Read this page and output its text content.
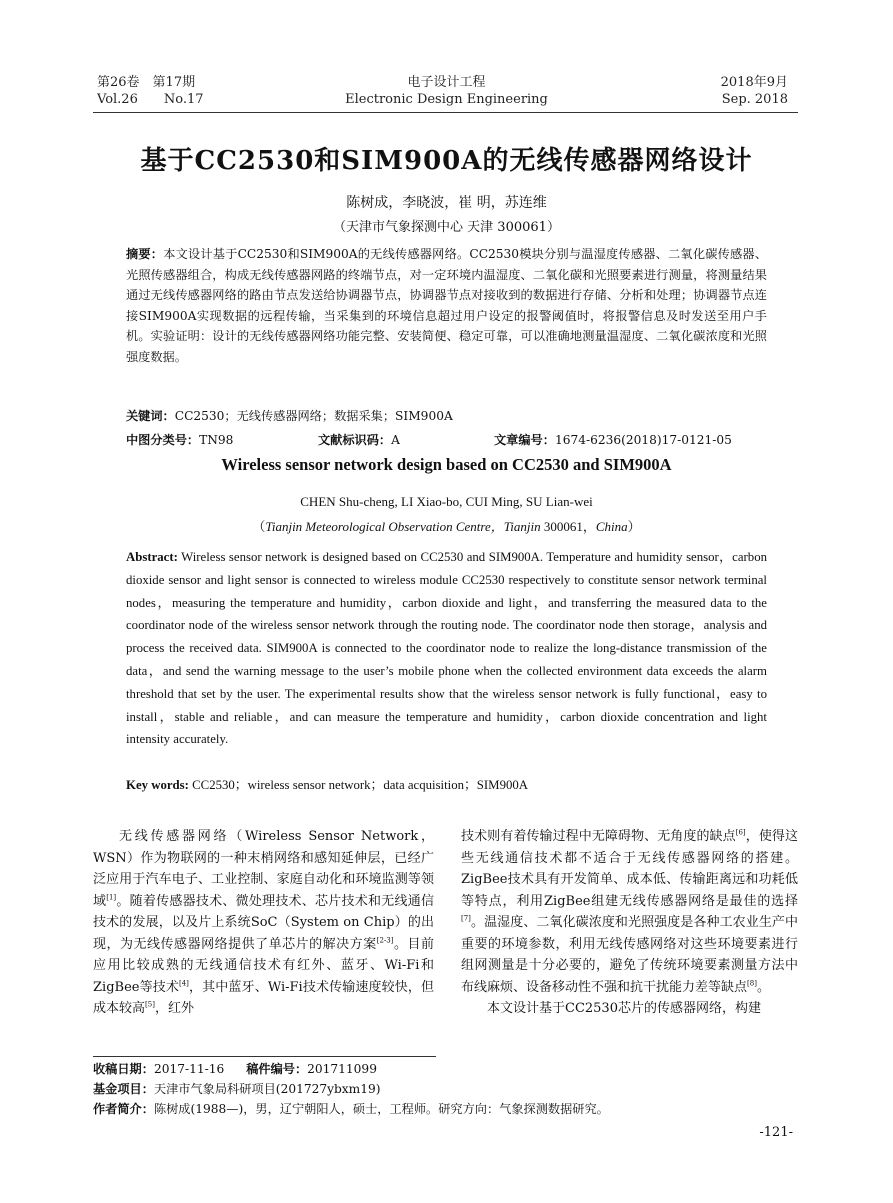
第26卷　第17期
Vol.26　　No.17
电子设计工程
Electronic Design Engineering
2018年9月
Sep. 2018
基于CC2530和SIM900A的无线传感器网络设计
陈树成，李晓波，崔 明，苏连维
（天津市气象探测中心 天津 300061）
摘要：本文设计基于CC2530和SIM900A的无线传感器网络。CC2530模块分别与温湿度传感器、二氧化碳传感器、光照传感器组合，构成无线传感器网路的终端节点，对一定环境内温湿度、二氧化碳和光照要素进行测量，将测量结果通过无线传感器网络的路由节点发送给协调器节点，协调器节点对接收到的数据进行存储、分析和处理；协调器节点连接SIM900A实现数据的远程传输，当采集到的环境信息超过用户设定的报警阈值时，将报警信息及时发送至用户手机。实验证明：设计的无线传感器网络功能完整、安装简便、稳定可靠，可以准确地测量温湿度、二氧化碳浓度和光照强度数据。
关键词：CC2530；无线传感器网络；数据采集；SIM900A
中图分类号：TN98	文献标识码：A	文章编号：1674-6236(2018)17-0121-05
Wireless sensor network design based on CC2530 and SIM900A
CHEN Shu-cheng, LI Xiao-bo, CUI Ming, SU Lian-wei
（Tianjin Meteorological Observation Centre，Tianjin 300061，China）
Abstract: Wireless sensor network is designed based on CC2530 and SIM900A. Temperature and humidity sensor，carbon dioxide sensor and light sensor is connected to wireless module CC2530 respectively to constitute sensor network terminal nodes，measuring the temperature and humidity，carbon dioxide and light，and transferring the measured data to the coordinator node of the wireless sensor network through the routing node. The coordinator node then storage，analysis and process the received data. SIM900A is connected to the coordinator node to realize the long-distance transmission of the data，and send the warning message to the user’s mobile phone when the collected environment data exceeds the alarm threshold that set by the user. The experimental results show that the wireless sensor network is fully functional，easy to install，stable and reliable，and can measure the temperature and humidity，carbon dioxide concentration and light intensity accurately.
Key words: CC2530；wireless sensor network；data acquisition；SIM900A

无线传感器网络（Wireless Sensor Network，WSN）作为物联网的一种末梢网络和感知延伸层，已经广泛应用于汽车电子、工业控制、家庭自动化和环境监测等领域[1]。随着传感器技术、微处理技术、芯片技术和无线通信技术的发展，以及片上系统SoC（System on Chip）的出现，为无线传感器网络提供了单芯片的解决方案[2-3]。目前应用比较成熟的无线通信技术有红外、蓝牙、Wi-Fi和ZigBee等技术[4]，其中蓝牙、Wi-Fi技术传输速度较快，但成本较高[5]，红外

技术则有着传输过程中无障碍物、无角度的缺点[6]，使得这些无线通信技术都不适合于无线传感器网络的搭建。ZigBee技术具有开发简单、成本低、传输距离远和功耗低等特点，利用ZigBee组建无线传感器网络是最佳的选择[7]。温湿度、二氧化碳浓度和光照强度是各种工农业生产中重要的环境参数，利用无线传感网络对这些环境要素进行组网测量是十分必要的，避免了传统环境要素测量方法中布线麻烦、设备移动性不强和抗干扰能力差等缺点[8]。

本文设计基于CC2530芯片的传感器网络，构建

收稿日期：2017-11-16 稿件编号：201711099
基金项目：天津市气象局科研项目(201727ybxm19)
作者简介：陈树成(1988—)，男，辽宁朝阳人，硕士，工程师。研究方向：气象探测数据研究。
-121-
